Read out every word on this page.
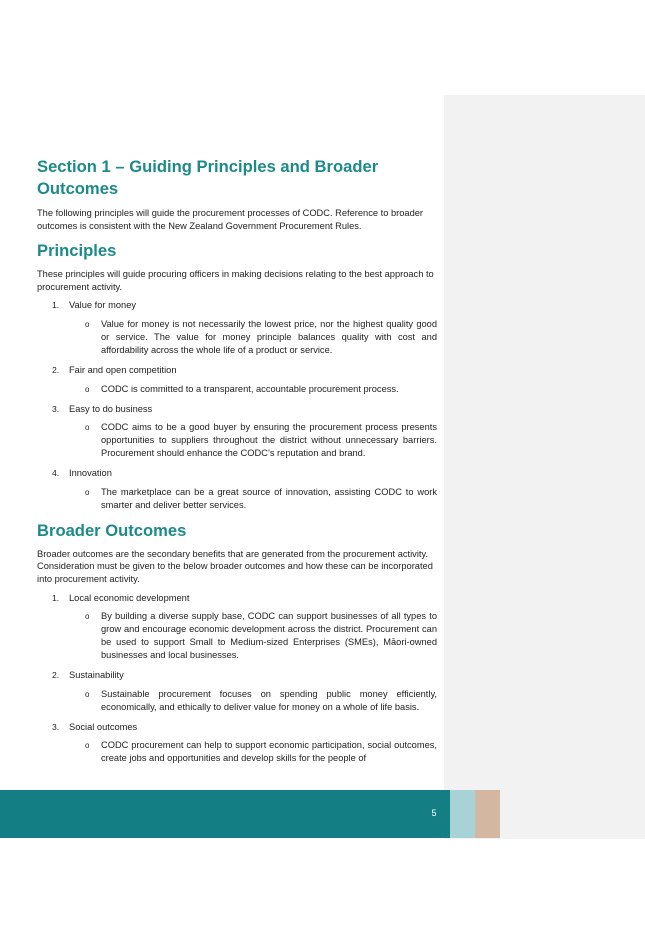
Section 1 – Guiding Principles and Broader Outcomes

The following principles will guide the procurement processes of CODC. Reference to broader outcomes is consistent with the New Zealand Government Procurement Rules.

Principles

These principles will guide procuring officers in making decisions relating to the best approach to procurement activity.

1. Value for money
o Value for money is not necessarily the lowest price, nor the highest quality good or service. The value for money principle balances quality with cost and affordability across the whole life of a product or service.
2. Fair and open competition
o CODC is committed to a transparent, accountable procurement process.
3. Easy to do business
o CODC aims to be a good buyer by ensuring the procurement process presents opportunities to suppliers throughout the district without unnecessary barriers. Procurement should enhance the CODC’s reputation and brand.
4. Innovation
o The marketplace can be a great source of innovation, assisting CODC to work smarter and deliver better services.
Broader Outcomes

Broader outcomes are the secondary benefits that are generated from the procurement activity. Consideration must be given to the below broader outcomes and how these can be incorporated into procurement activity.

1. Local economic development
o By building a diverse supply base, CODC can support businesses of all types to grow and encourage economic development across the district. Procurement can be used to support Small to Medium-sized Enterprises (SMEs), Māori-owned businesses and local businesses.
2. Sustainability
o Sustainable procurement focuses on spending public money efficiently, economically, and ethically to deliver value for money on a whole of life basis.
3. Social outcomes
o CODC procurement can help to support economic participation, social outcomes, create jobs and opportunities and develop skills for the people of
5
